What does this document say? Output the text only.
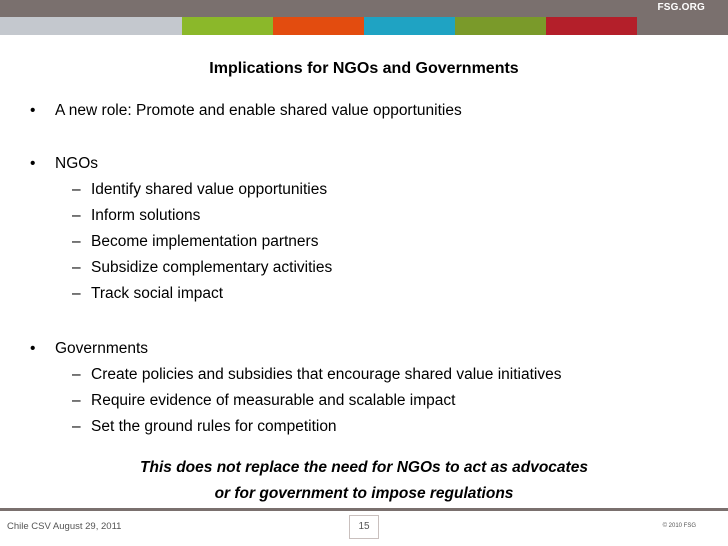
FSG.ORG
Implications for NGOs and Governments
• A new role: Promote and enable shared value opportunities
• NGOs
– Identify shared value opportunities
– Inform solutions
– Become implementation partners
– Subsidize complementary activities
– Track social impact
• Governments
– Create policies and subsidies that encourage shared value initiatives
– Require evidence of measurable and scalable impact
– Set the ground rules for competition
This does not replace the need for NGOs to act as advocates
or for government to impose regulations
Chile CSV August 29, 2011	15	© 2010 FSG
